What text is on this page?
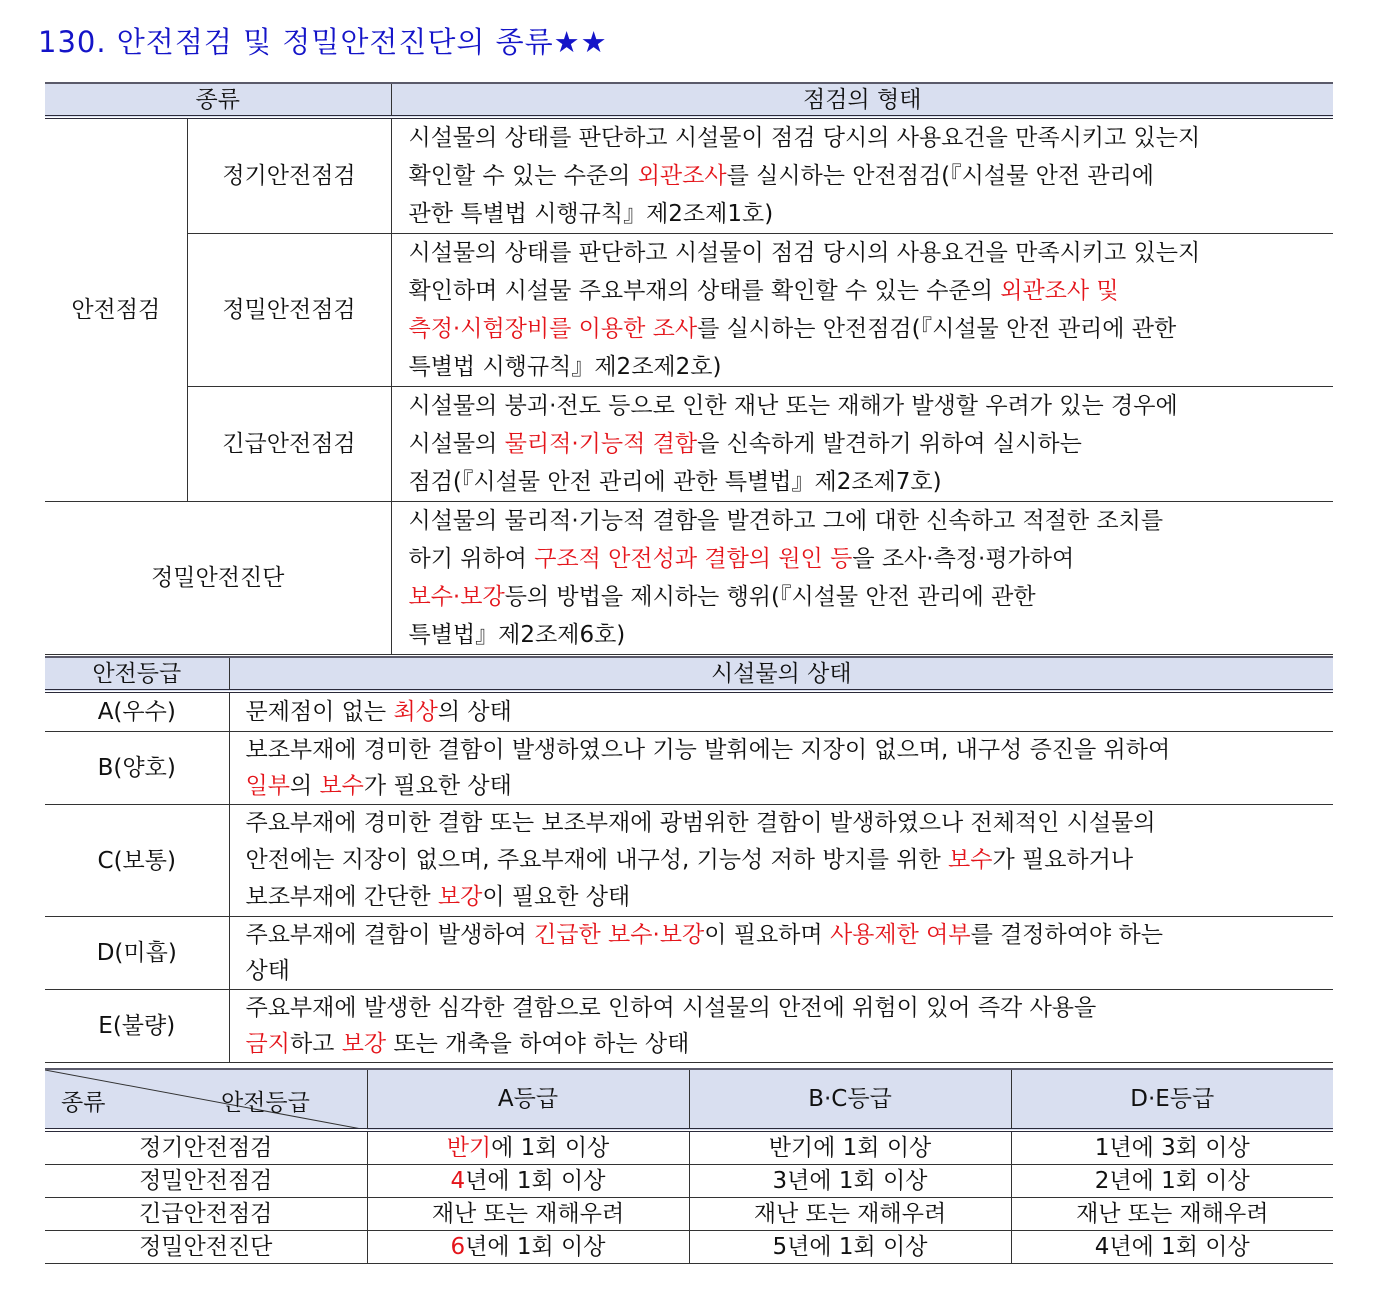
130. 안전점검 및 정밀안전진단의 종류★★
종류		점검의 형태
안전점검	정기안전점검	시설물의 상태를 판단하고 시설물이 점검 당시의 사용요건을 만족시키고 있는지
확인할 수 있는 수준의 외관조사를 실시하는 안전점검(『시설물 안전 관리에
관한 특별법 시행규칙』제2조제1호)

	정밀안전점검	시설물의 상태를 판단하고 시설물이 점검 당시의 사용요건을 만족시키고 있는지
확인하며 시설물 주요부재의 상태를 확인할 수 있는 수준의 외관조사 및
측정·시험장비를 이용한 조사를 실시하는 안전점검(『시설물 안전 관리에 관한
특별법 시행규칙』제2조제2호)

	긴급안전점검	시설물의 붕괴·전도 등으로 인한 재난 또는 재해가 발생할 우려가 있는 경우에
시설물의 물리적·기능적 결함을 신속하게 발견하기 위하여 실시하는
점검(『시설물 안전 관리에 관한 특별법』제2조제7호)

정밀안전진단		시설물의 물리적·기능적 결함을 발견하고 그에 대한 신속하고 적절한 조치를
하기 위하여 구조적 안전성과 결함의 원인 등을 조사·측정·평가하여
보수·보강등의 방법을 제시하는 행위(『시설물 안전 관리에 관한
특별법』제2조제6호)
안전등급	시설물의 상태
A(우수)	문제점이 없는 최상의 상태

B(양호)	보조부재에 경미한 결함이 발생하였으나 기능 발휘에는 지장이 없으며, 내구성 증진을 위하여
일부의 보수가 필요한 상태

C(보통)	주요부재에 경미한 결함 또는 보조부재에 광범위한 결함이 발생하였으나 전체적인 시설물의
안전에는 지장이 없으며, 주요부재에 내구성, 기능성 저하 방지를 위한 보수가 필요하거나
보조부재에 간단한 보강이 필요한 상태

D(미흡)	주요부재에 결함이 발생하여 긴급한 보수·보강이 필요하며 사용제한 여부를 결정하여야 하는
상태

E(불량)	주요부재에 발생한 심각한 결함으로 인하여 시설물의 안전에 위험이 있어 즉각 사용을
금지하고 보강 또는 개축을 하여야 하는 상태
종류 안전등급	A등급	B·C등급	D·E등급
정기안전점검	반기에 1회 이상	반기에 1회 이상	1년에 3회 이상
정밀안전점검	4년에 1회 이상	3년에 1회 이상	2년에 1회 이상
긴급안전점검	재난 또는 재해우려	재난 또는 재해우려	재난 또는 재해우려
정밀안전진단	6년에 1회 이상	5년에 1회 이상	4년에 1회 이상
